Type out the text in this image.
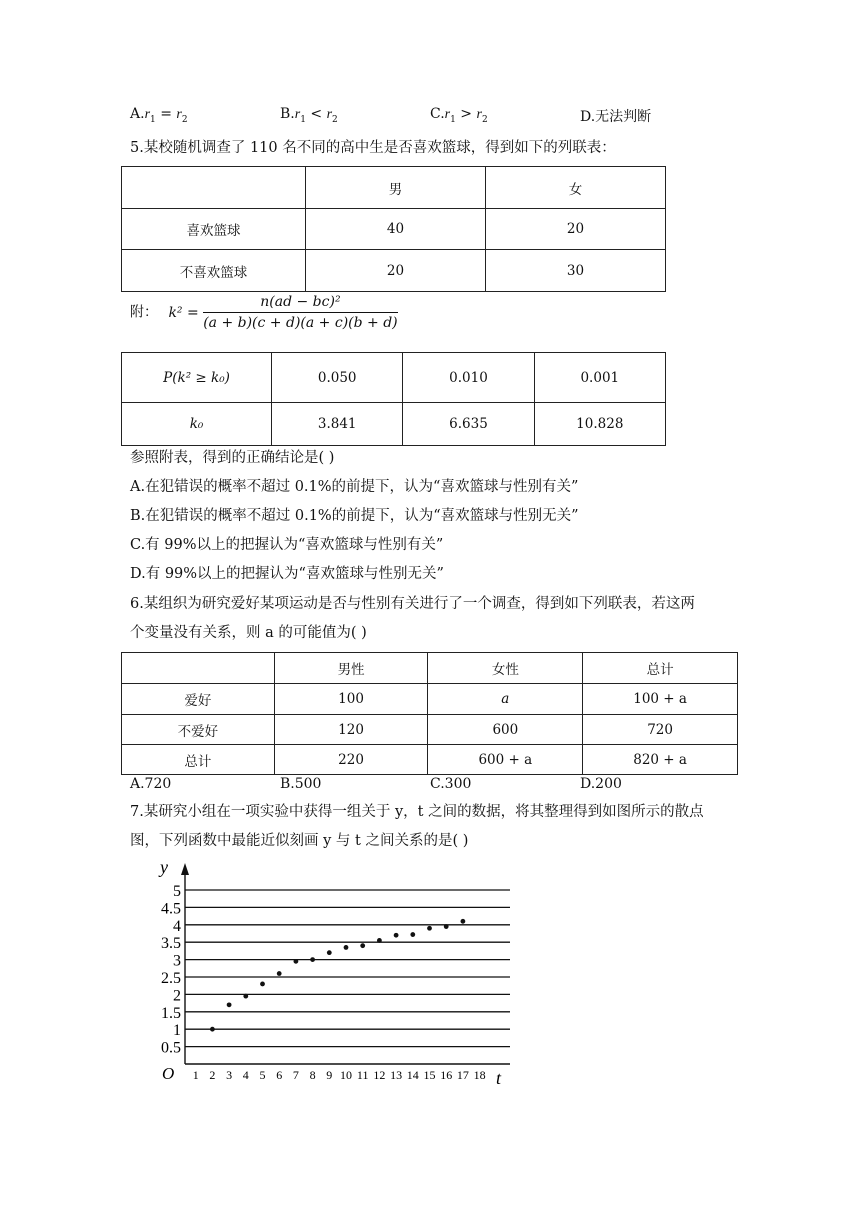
$A.r_1 = r_2$	$B.r_1 < r_2$	$C.r_1 > r_2$	D.无法判断
5.某校随机调查了 110 名不同的高中生是否喜欢篮球，得到如下的列联表：
	男	女
喜欢篮球	40	20
不喜欢篮球	20	30
附： $k^2 = \frac{\text{n(ad − bc)²}}{(a + b)(c + d)(a + c)(b + d)}$
P(k² ≥ k₀)	0.050	0.010	0.001
k₀	3.841	6.635	10.828
参照附表，得到的正确结论是( )
A.在犯错误的概率不超过 0.1%的前提下，认为“喜欢篮球与性别有关”
B.在犯错误的概率不超过 0.1%的前提下，认为“喜欢篮球与性别无关”
C.有 99%以上的把握认为“喜欢篮球与性别有关”
D.有 99%以上的把握认为“喜欢篮球与性别无关”
6.某组织为研究爱好某项运动是否与性别有关进行了一个调查，得到如下列联表，若这两
个变量没有关系，则 a 的可能值为( )
	男性	女性	总计
爱好	100	a	100 + a
不爱好	120	600	720
总计	220	600 + a	820 + a
A.720	B.500	C.300	D.200
7.某研究小组在一项实验中获得一组关于 y，t 之间的数据，将其整理得到如图所示的散点
图，下列函数中最能近似刻画 y 与 t 之间关系的是( )
0.5
1
1.5
2
2.5
3
3.5
4
4.5
5
1 2 3 4 5 6 7 8 9 10 11 12 13 14 15 16 17 18
y
t
O
